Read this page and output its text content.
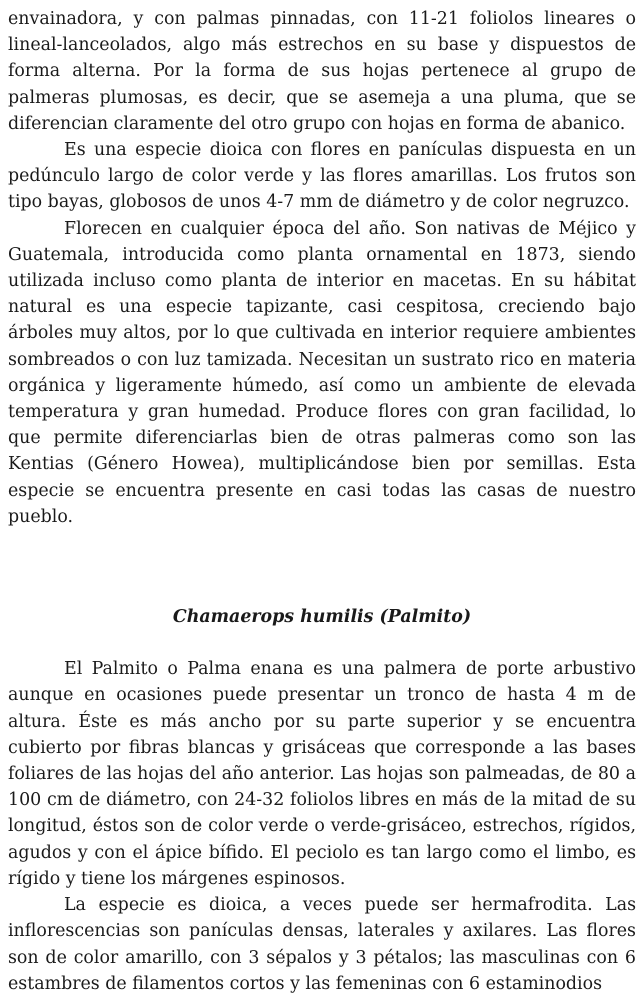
envainadora, y con palmas pinnadas, con 11-21 foliolos lineares o lineal-lanceolados, algo más estrechos en su base y dispuestos de forma alterna. Por la forma de sus hojas pertenece al grupo de palmeras plumosas, es decir, que se asemeja a una pluma, que se diferencian claramente del otro grupo con hojas en forma de abanico.

Es una especie dioica con flores en panículas dispuesta en un pedúnculo largo de color verde y las flores amarillas. Los frutos son tipo bayas, globosos de unos 4-7 mm de diámetro y de color negruzco.

Florecen en cualquier época del año. Son nativas de Méjico y Guatemala, introducida como planta ornamental en 1873, siendo utilizada incluso como planta de interior en macetas. En su hábitat natural es una especie tapizante, casi cespitosa, creciendo bajo árboles muy altos, por lo que cultivada en interior requiere ambientes sombreados o con luz tamizada. Necesitan un sustrato rico en materia orgánica y ligeramente húmedo, así como un ambiente de elevada temperatura y gran humedad. Produce flores con gran facilidad, lo que permite diferenciarlas bien de otras palmeras como son las Kentias (Género Howea), multiplicándose bien por semillas. Esta especie se encuentra presente en casi todas las casas de nuestro pueblo.

Chamaerops humilis (Palmito)

El Palmito o Palma enana es una palmera de porte arbustivo aunque en ocasiones puede presentar un tronco de hasta 4 m de altura. Éste es más ancho por su parte superior y se encuentra cubierto por fibras blancas y grisáceas que corresponde a las bases foliares de las hojas del año anterior. Las hojas son palmeadas, de 80 a 100 cm de diámetro, con 24-32 foliolos libres en más de la mitad de su longitud, éstos son de color verde o verde-grisáceo, estrechos, rígidos, agudos y con el ápice bífido. El peciolo es tan largo como el limbo, es rígido y tiene los márgenes espinosos.

La especie es dioica, a veces puede ser hermafrodita. Las inflorescencias son panículas densas, laterales y axilares. Las flores son de color amarillo, con 3 sépalos y 3 pétalos; las masculinas con 6 estambres de filamentos cortos y las femeninas con 6 estaminodios
